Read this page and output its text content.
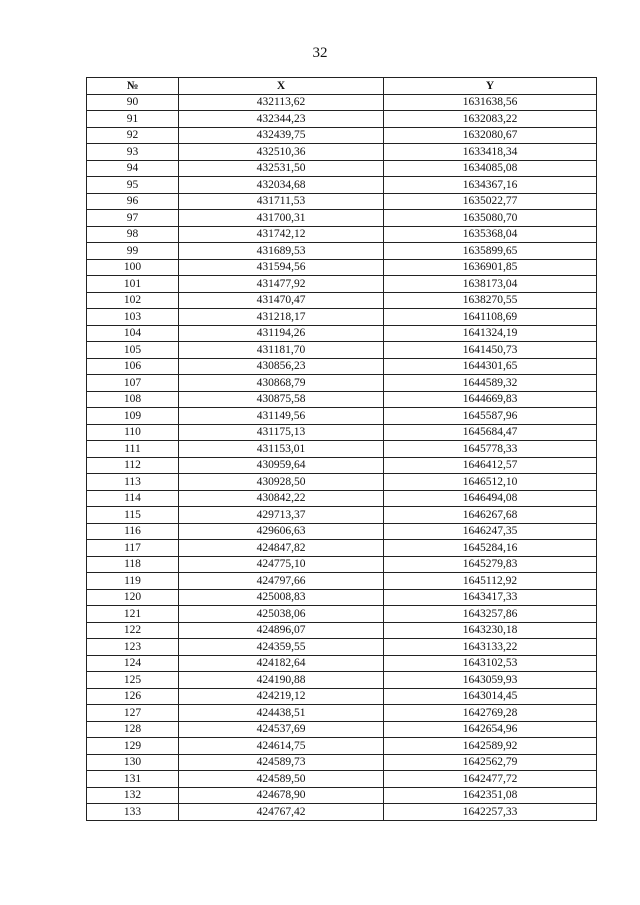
32
№	X	Y
90	432113,62	1631638,56
91	432344,23	1632083,22
92	432439,75	1632080,67
93	432510,36	1633418,34
94	432531,50	1634085,08
95	432034,68	1634367,16
96	431711,53	1635022,77
97	431700,31	1635080,70
98	431742,12	1635368,04
99	431689,53	1635899,65
100	431594,56	1636901,85
101	431477,92	1638173,04
102	431470,47	1638270,55
103	431218,17	1641108,69
104	431194,26	1641324,19
105	431181,70	1641450,73
106	430856,23	1644301,65
107	430868,79	1644589,32
108	430875,58	1644669,83
109	431149,56	1645587,96
110	431175,13	1645684,47
111	431153,01	1645778,33
112	430959,64	1646412,57
113	430928,50	1646512,10
114	430842,22	1646494,08
115	429713,37	1646267,68
116	429606,63	1646247,35
117	424847,82	1645284,16
118	424775,10	1645279,83
119	424797,66	1645112,92
120	425008,83	1643417,33
121	425038,06	1643257,86
122	424896,07	1643230,18
123	424359,55	1643133,22
124	424182,64	1643102,53
125	424190,88	1643059,93
126	424219,12	1643014,45
127	424438,51	1642769,28
128	424537,69	1642654,96
129	424614,75	1642589,92
130	424589,73	1642562,79
131	424589,50	1642477,72
132	424678,90	1642351,08
133	424767,42	1642257,33
